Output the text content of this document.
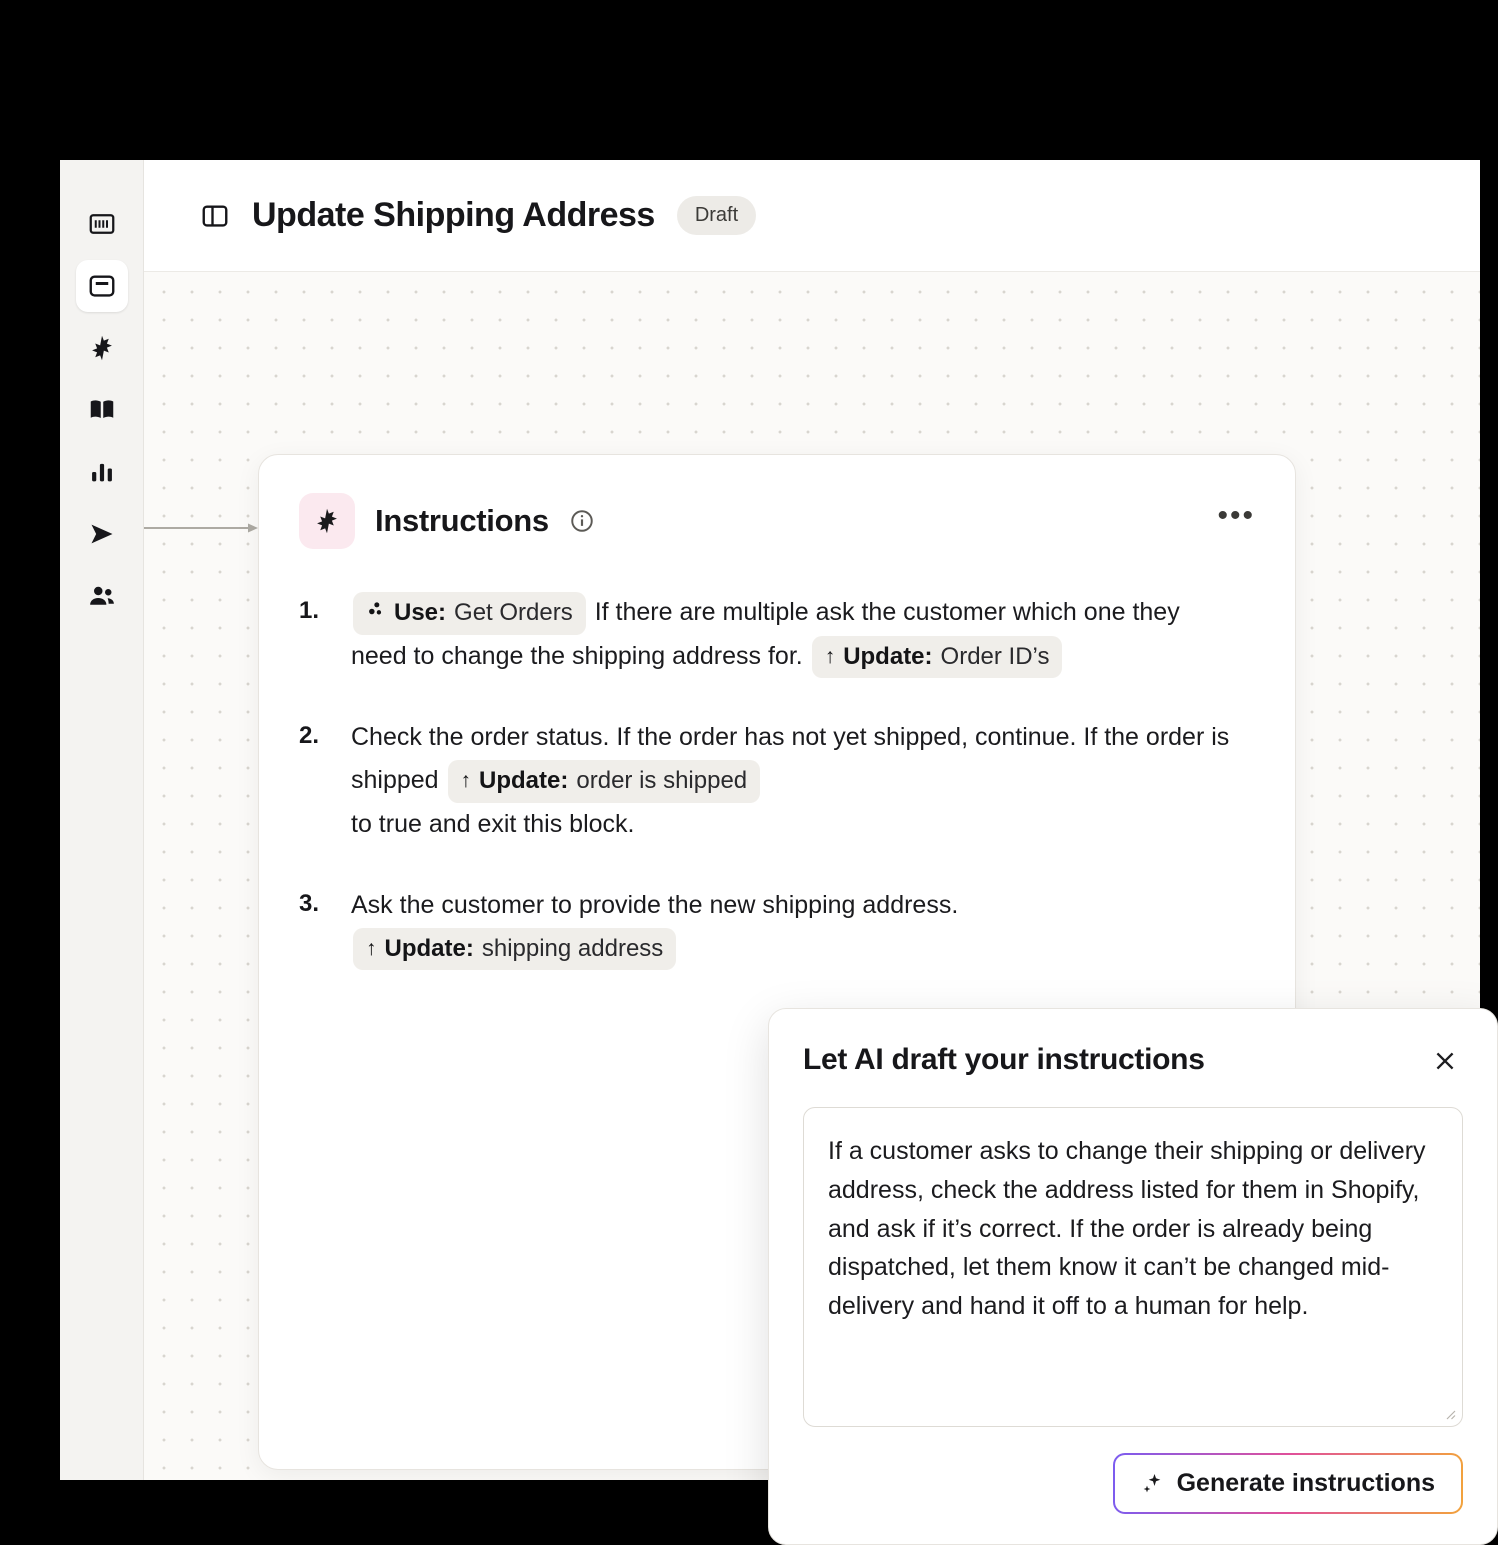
Update Shipping Address	Draft
Instructions	•••
1.	Use: Get Orders If there are multiple ask the customer which one they need to change the shipping address for. ↑ Update: Order ID’s
2.	Check the order status. If the order has not yet shipped, continue. If the order is shipped ↑ Update: order is shipped

to true and exit this block.
3.	Ask the customer to provide the new shipping address.

↑ Update: shipping address
Let AI draft your instructions
If a customer asks to change their shipping or delivery address, check the address listed for them in Shopify, and ask if it’s correct. If the order is already being dispatched, let them know it can’t be changed mid-delivery and hand it off to a human for help.
Generate instructions
